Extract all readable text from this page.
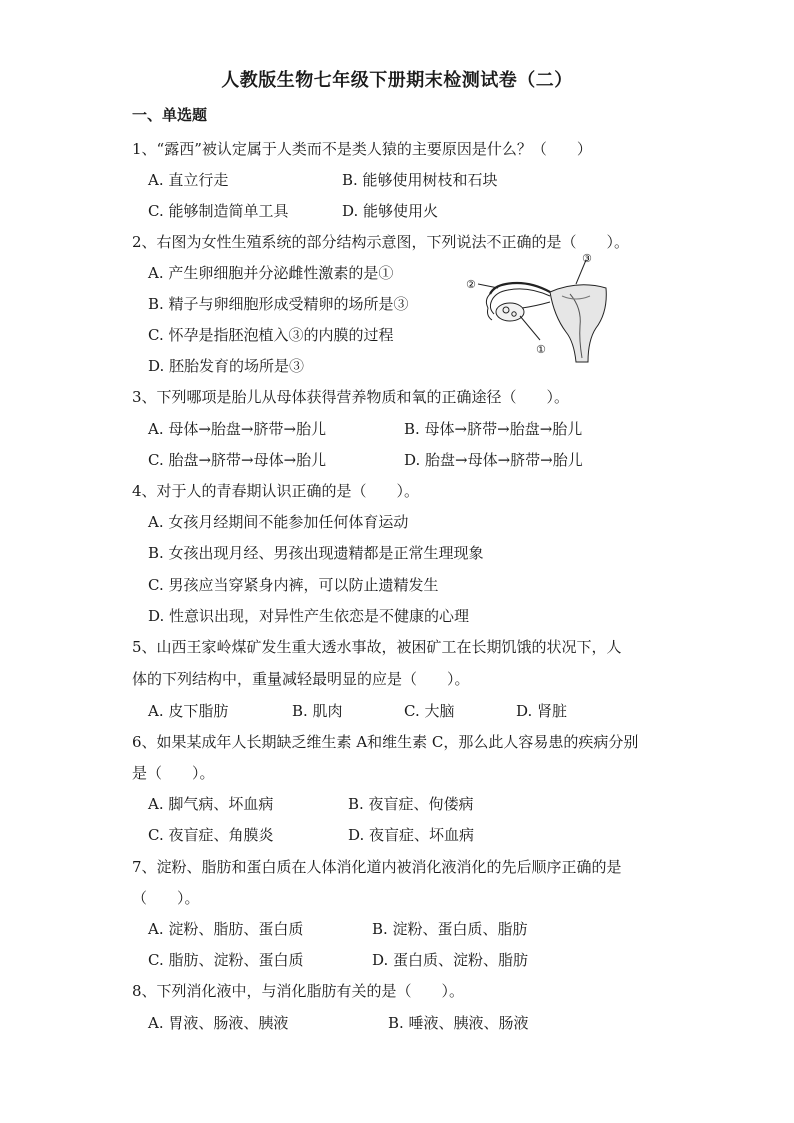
人教版生物七年级下册期末检测试卷（二）
一、单选题
1、“露西”被认定属于人类而不是类人猿的主要原因是什么？（　　）
A. 直立行走	B. 能够使用树枝和石块
C. 能够制造简单工具	D. 能够使用火
2、右图为女性生殖系统的部分结构示意图，下列说法不正确的是（　　）。
A. 产生卵细胞并分泌雌性激素的是①
B. 精子与卵细胞形成受精卵的场所是③
C. 怀孕是指胚泡植入③的内膜的过程
D. 胚胎发育的场所是③
②
③
①
3、下列哪项是胎儿从母体获得营养物质和氧的正确途径（　　）。
A. 母体→胎盘→脐带→胎儿	B. 母体→脐带→胎盘→胎儿
C. 胎盘→脐带→母体→胎儿	D. 胎盘→母体→脐带→胎儿
4、对于人的青春期认识正确的是（　　）。
A. 女孩月经期间不能参加任何体育运动
B. 女孩出现月经、男孩出现遗精都是正常生理现象
C. 男孩应当穿紧身内裤，可以防止遗精发生
D. 性意识出现，对异性产生依恋是不健康的心理
5、山西王家岭煤矿发生重大透水事故，被困矿工在长期饥饿的状况下，人
体的下列结构中，重量减轻最明显的应是（　　）。
A. 皮下脂肪	B. 肌肉	C. 大脑	D. 肾脏
6、如果某成年人长期缺乏维生素 A和维生素 C，那么此人容易患的疾病分别
是（　　）。
A. 脚气病、坏血病	B. 夜盲症、佝偻病
C. 夜盲症、角膜炎	D. 夜盲症、坏血病
7、淀粉、脂肪和蛋白质在人体消化道内被消化液消化的先后顺序正确的是
（　　）。
A. 淀粉、脂肪、蛋白质	B. 淀粉、蛋白质、脂肪
C. 脂肪、淀粉、蛋白质	D. 蛋白质、淀粉、脂肪
8、下列消化液中，与消化脂肪有关的是（　　）。
A. 胃液、肠液、胰液	B. 唾液、胰液、肠液
